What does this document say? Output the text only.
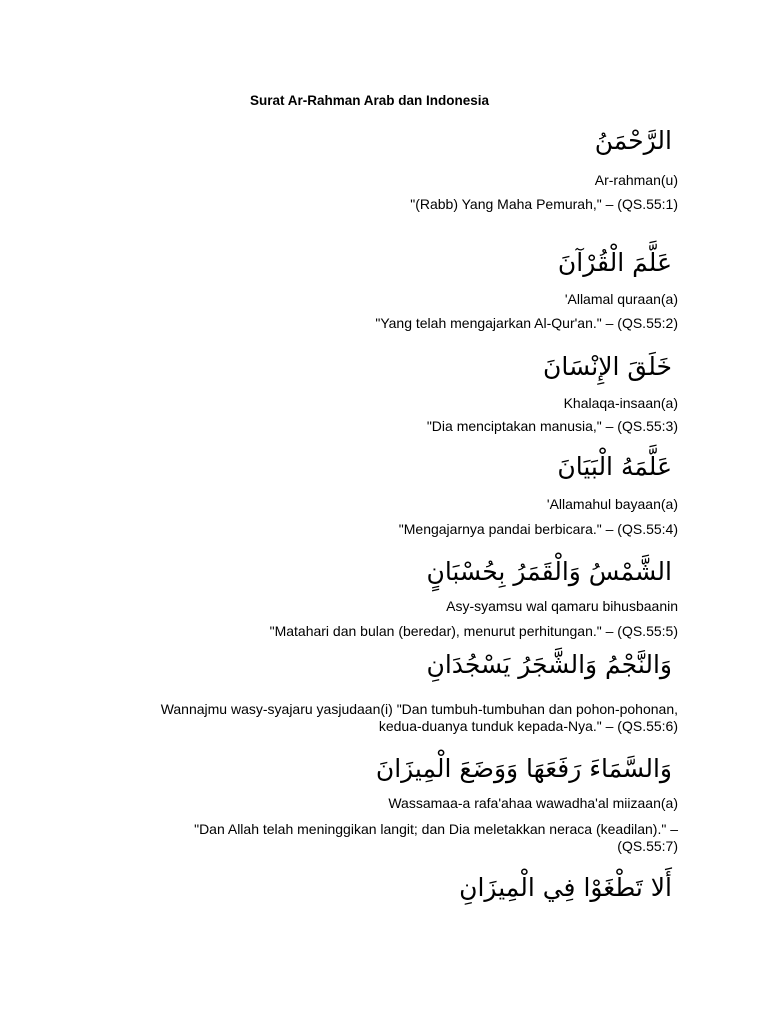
Surat Ar-Rahman Arab dan Indonesia
الرَّحْمَنُ
Ar-rahman(u)
"(Rabb) Yang Maha Pemurah," – (QS.55:1)
عَلَّمَ الْقُرْآنَ
'Allamal quraan(a)
"Yang telah mengajarkan Al-Qur'an." – (QS.55:2)
خَلَقَ الإِنْسَانَ
Khalaqa-insaan(a)
"Dia menciptakan manusia," – (QS.55:3)
عَلَّمَهُ الْبَيَانَ
'Allamahul bayaan(a)
"Mengajarnya pandai berbicara." – (QS.55:4)
الشَّمْسُ وَالْقَمَرُ بِحُسْبَانٍ
Asy-syamsu wal qamaru bihusbaanin
"Matahari dan bulan (beredar), menurut perhitungan." – (QS.55:5)
وَالنَّجْمُ وَالشَّجَرُ يَسْجُدَانِ
Wannajmu wasy-syajaru yasjudaan(i) "Dan tumbuh-tumbuhan dan pohon-pohonan,
kedua-duanya tunduk kepada-Nya." – (QS.55:6)
وَالسَّمَاءَ رَفَعَهَا وَوَضَعَ الْمِيزَانَ
Wassamaa-a rafa'ahaa wawadha'al miizaan(a)
"Dan Allah telah meninggikan langit; dan Dia meletakkan neraca (keadilan)." –
(QS.55:7)
أَلا تَطْغَوْا فِي الْمِيزَانِ
